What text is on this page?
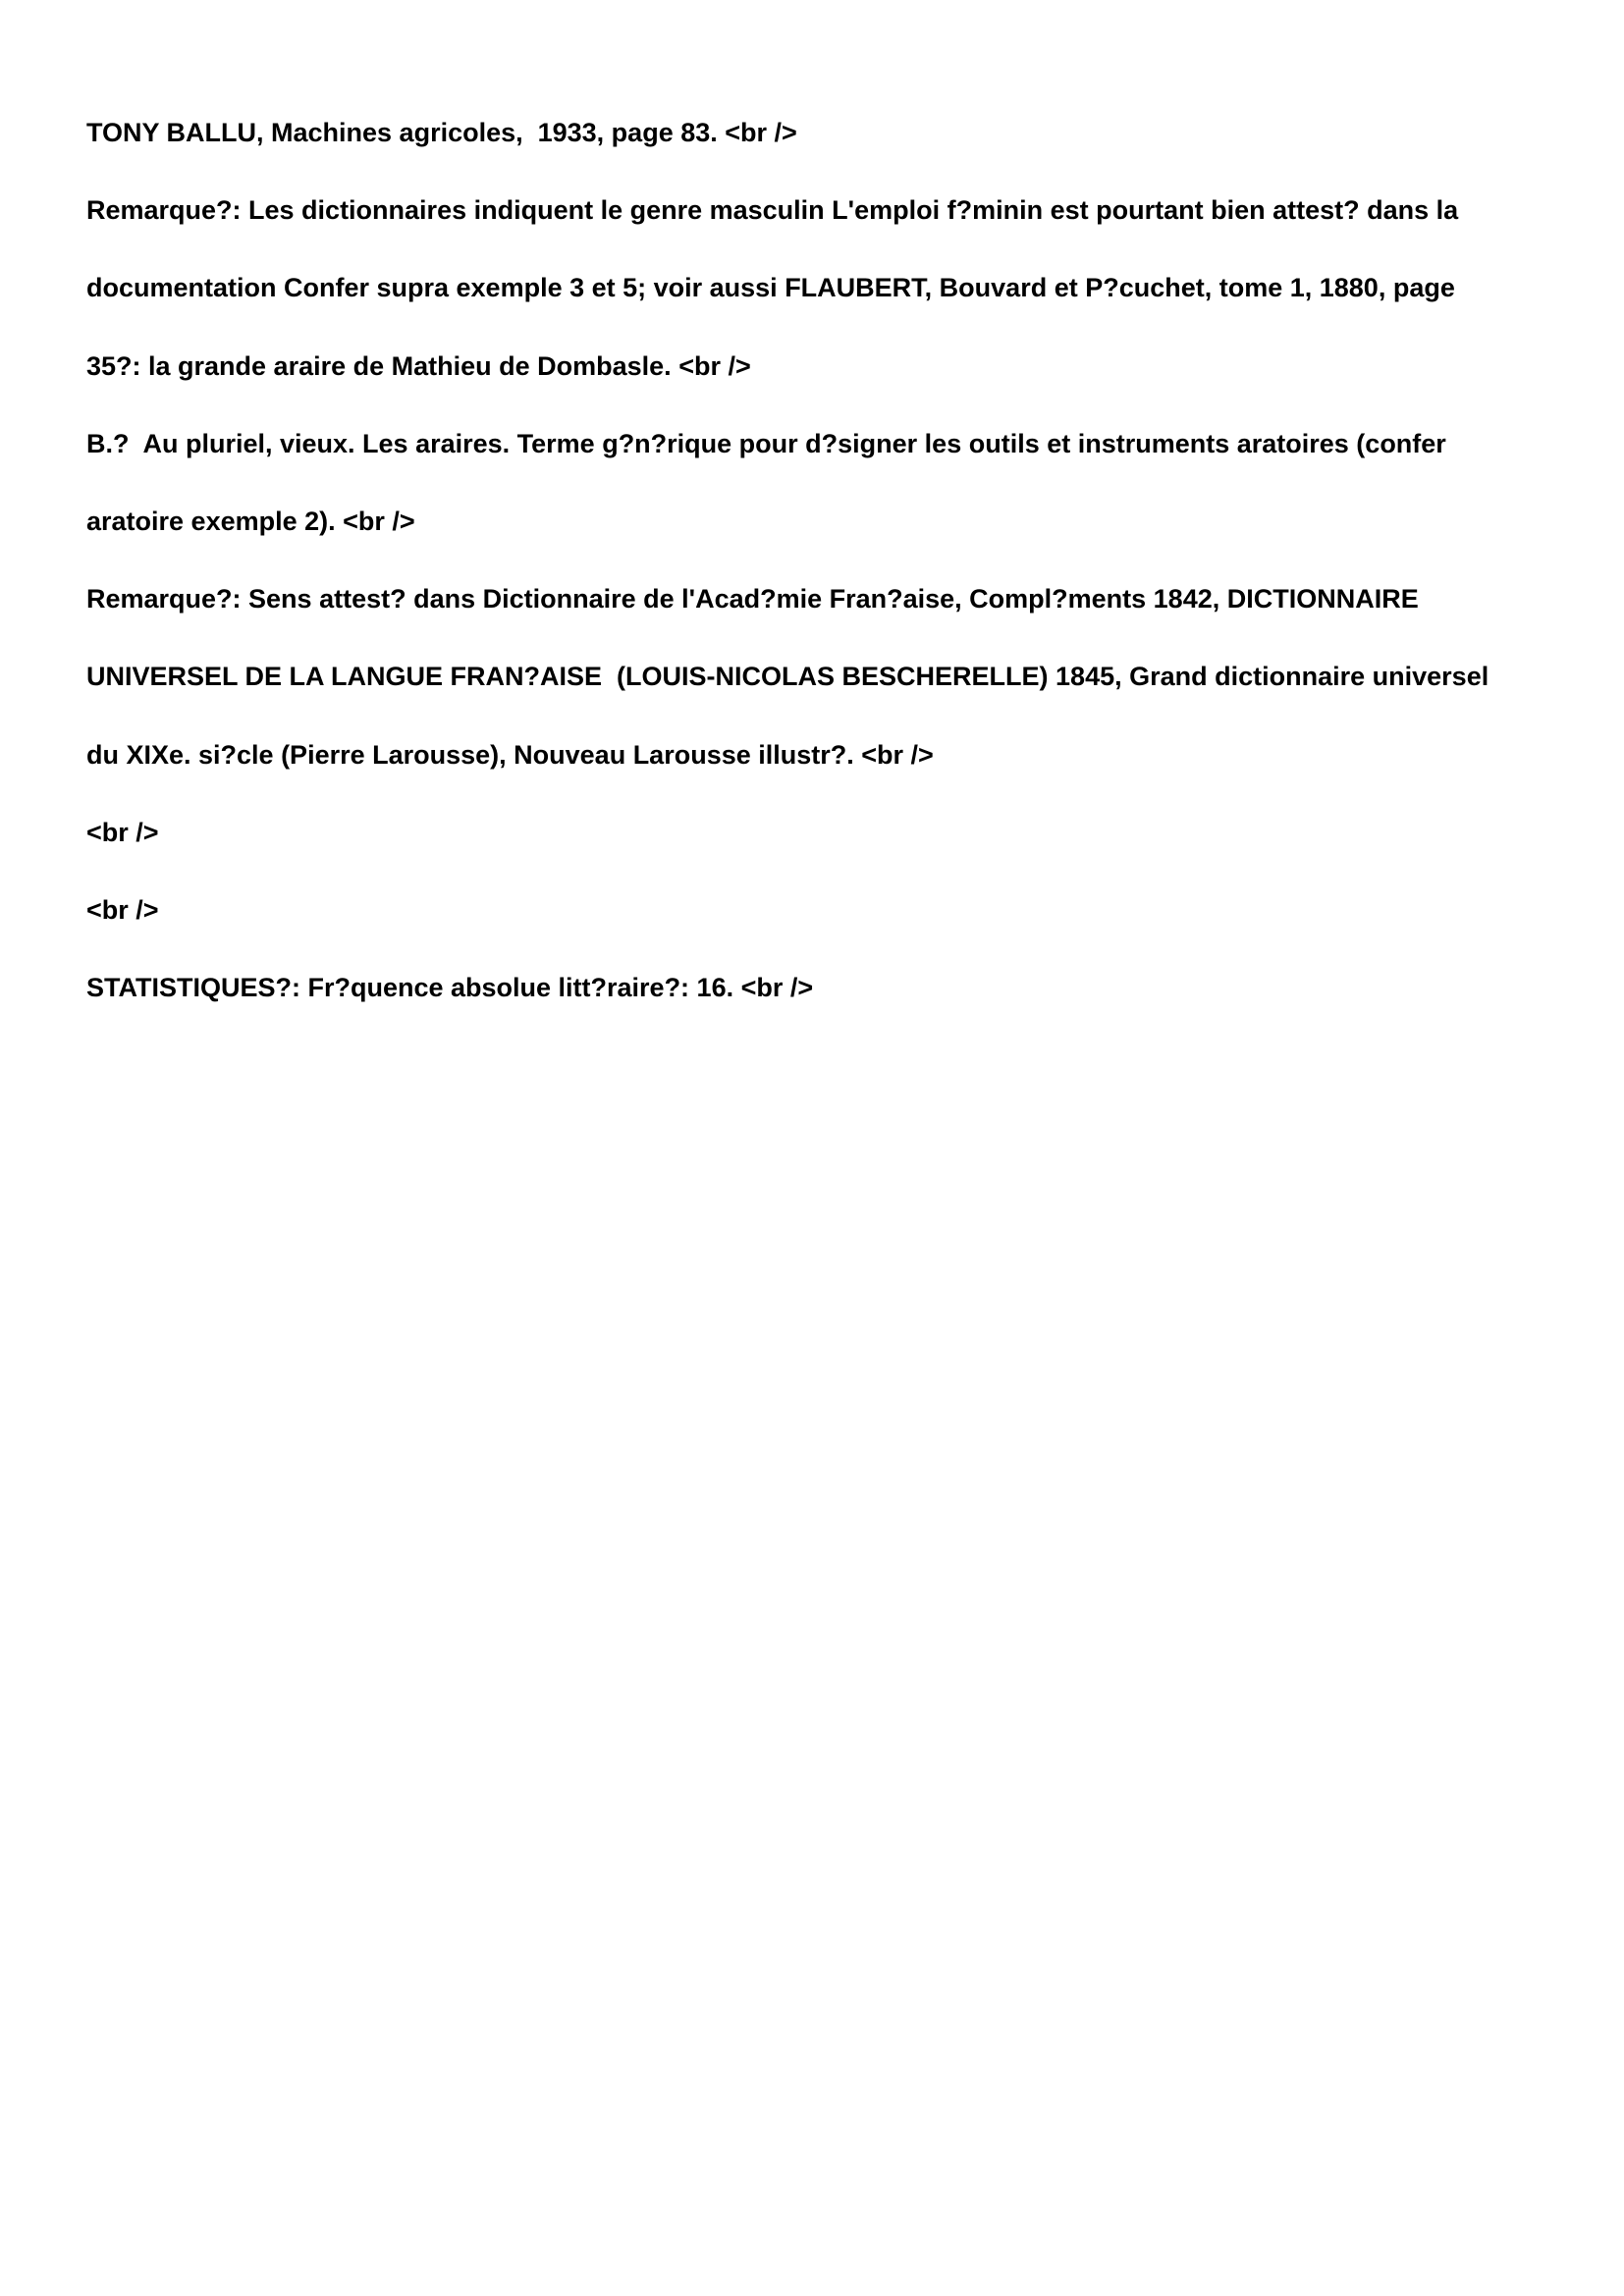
TONY BALLU, Machines agricoles,  1933, page 83. <br />
Remarque?: Les dictionnaires indiquent le genre masculin L'emploi f?minin est pourtant bien attest? dans la
documentation Confer supra exemple 3 et 5; voir aussi FLAUBERT, Bouvard et P?cuchet, tome 1, 1880, page
35?: la grande araire de Mathieu de Dombasle. <br />
B.?  Au pluriel, vieux. Les araires. Terme g?n?rique pour d?signer les outils et instruments aratoires (confer
aratoire exemple 2). <br />
Remarque?: Sens attest? dans Dictionnaire de l'Acad?mie Fran?aise, Compl?ments 1842, DICTIONNAIRE
UNIVERSEL DE LA LANGUE FRAN?AISE  (LOUIS-NICOLAS BESCHERELLE) 1845, Grand dictionnaire universel
du XIXe. si?cle (Pierre Larousse), Nouveau Larousse illustr?. <br />
<br />
<br />
STATISTIQUES?: Fr?quence absolue litt?raire?: 16. <br />
